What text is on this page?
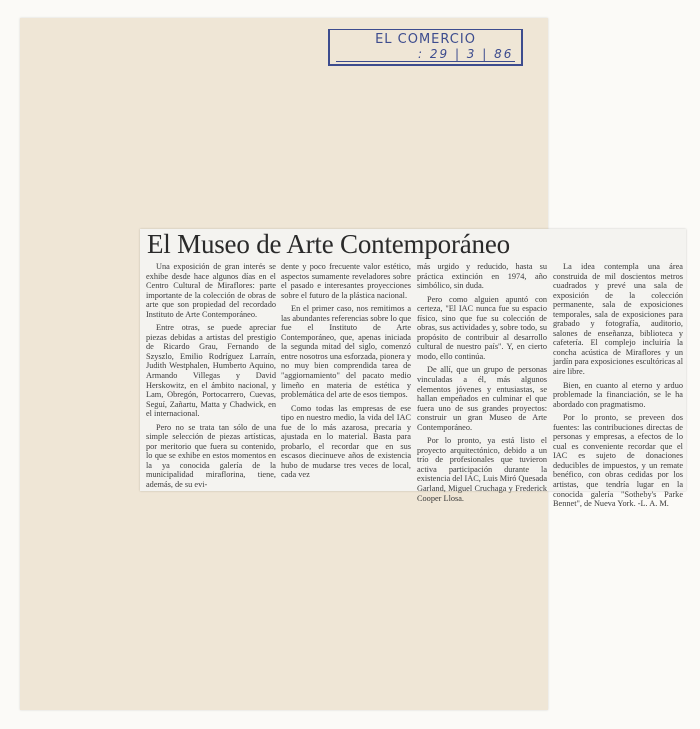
EL COMERCIO
: 29 | 3 | 86
El Museo de Arte Contemporáneo

Una exposición de gran interés se exhibe desde hace algunos días en el Centro Cultural de Miraflores: parte importante de la colección de obras de arte que son propiedad del recordado Instituto de Arte Contemporáneo.

Entre otras, se puede apreciar piezas debidas a artistas del prestigio de Ricardo Grau, Fernando de Szyszlo, Emilio Rodríguez Larraín, Judith Westphalen, Humberto Aquino, Armando Villegas y David Herskowitz, en el ámbito nacional, y Lam, Obregón, Portocarrero, Cuevas, Seguí, Zañartu, Matta y Chadwick, en el internacional.

Pero no se trata tan sólo de una simple selección de piezas artísticas, por meritorio que fuera su contenido, lo que se exhibe en estos momentos en la ya conocida galería de la municipalidad miraflorina, tiene, además, de su evi-

dente y poco frecuente valor estético, aspectos sumamente reveladores sobre el pasado e interesantes proyecciones sobre el futuro de la plástica nacional.

En el primer caso, nos remitimos a las abundantes referencias sobre lo que fue el Instituto de Arte Contemporáneo, que, apenas iniciada la segunda mitad del siglo, comenzó entre nosotros una esforzada, pionera y no muy bien comprendida tarea de "aggiornamiento" del pacato medio limeño en materia de estética y problemática del arte de esos tiempos.

Como todas las empresas de ese tipo en nuestro medio, la vida del IAC fue de lo más azarosa, precaria y ajustada en lo material. Basta para probarlo, el recordar que en sus escasos diecinueve años de existencia hubo de mudarse tres veces de local, cada vez

más urgido y reducido, hasta su práctica extinción en 1974, año simbólico, sin duda.

Pero como alguien apuntó con certeza, "El IAC nunca fue su espacio físico, sino que fue su colección de obras, sus actividades y, sobre todo, su propósito de contribuir al desarrollo cultural de nuestro país". Y, en cierto modo, ello continúa.

De allí, que un grupo de personas vinculadas a él, más algunos elementos jóvenes y entusiastas, se hallan empeñados en culminar el que fuera uno de sus grandes proyectos: construir un gran Museo de Arte Contemporáneo.

Por lo pronto, ya está listo el proyecto arquitectónico, debido a un trío de profesionales que tuvieron activa participación durante la existencia del IAC, Luis Miró Quesada Garland, Miguel Cruchaga y Frederick Cooper Llosa.

La idea contempla una área construida de mil doscientos metros cuadrados y prevé una sala de exposición de la colección permanente, sala de exposiciones temporales, sala de exposiciones para grabado y fotografía, auditorio, salones de enseñanza, biblioteca y cafetería. El complejo incluiría la concha acústica de Miraflores y un jardín para exposiciones escultóricas al aire libre.

Bien, en cuanto al eterno y arduo problemade la financiación, se le ha abordado con pragmatismo.

Por lo pronto, se preveen dos fuentes: las contribuciones directas de personas y empresas, a efectos de lo cual es conveniente recordar que el IAC es sujeto de donaciones deducibles de impuestos, y un remate benéfico, con obras cedidas por los artistas, que tendría lugar en la conocida galería "Sotheby's Parke Bennet", de Nueva York. -L. A. M.
